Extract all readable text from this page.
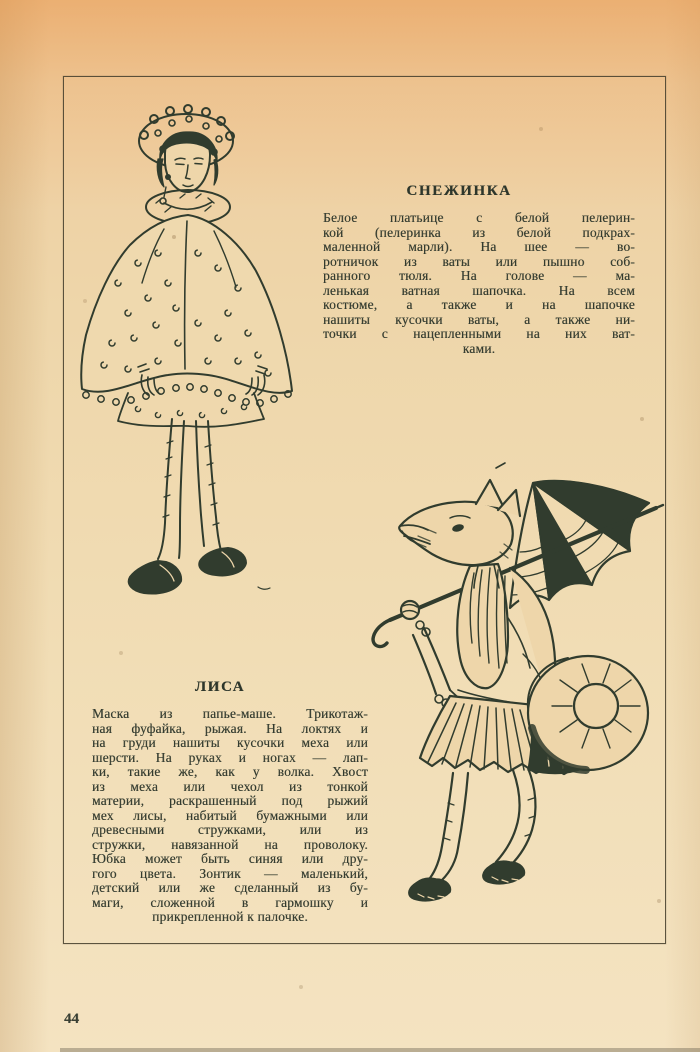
СНЕЖИНКА
Белое платьице с белой пелерин-
кой (пелеринка из белой подкрах-
маленной марли). На шее — во-
ротничок из ваты или пышно соб-
ранного тюля. На голове — ма-
ленькая ватная шапочка. На всем
костюме, а также и на шапочке
нашиты кусочки ваты, а также ни-
точки с нацепленными на них ват-
ками.
ЛИСА
Маска из папье-маше. Трикотаж-
ная фуфайка, рыжая. На локтях и
на груди нашиты кусочки меха или
шерсти. На руках и ногах — лап-
ки, такие же, как у волка. Хвост
из меха или чехол из тонкой
материи, раскрашенный под рыжий
мех лисы, набитый бумажными или
древесными стружками, или из
стружки, навязанной на проволоку.
Юбка может быть синяя или дру-
гого цвета. Зонтик — маленький,
детский или же сделанный из бу-
маги, сложенной в гармошку и
прикрепленной к палочке.
44
